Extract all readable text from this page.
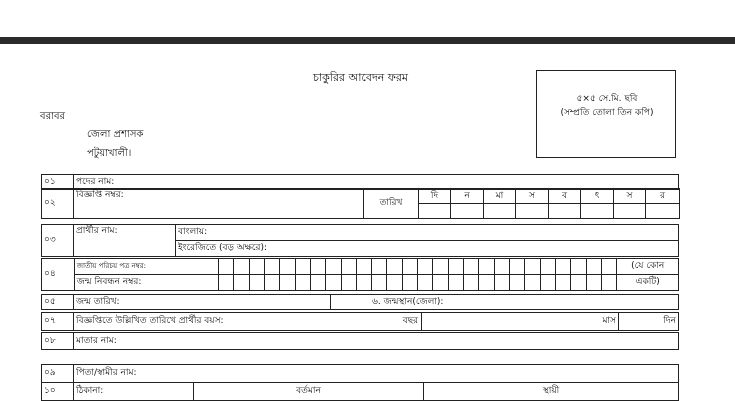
চাকুরির আবেদন ফরম
৫×৫ সে.মি. ছবি
(সম্প্রতি তোলা তিন কপি)
বরাবর
জেলা প্রশাসক
পটুয়াখালী।
০১	পদের নাম:
০২	বিজ্ঞপ্তি নম্বর:	তারিখ	দি	ন	মা	স	ব	ৎ	স	র

০৩	প্রার্থীর নাম:	বাংলায়:
ইংরেজিতে (বড় অক্ষরে):
০৪	জাতীয় পরিচয় পত্র নম্বর:																											(যে কোন
	জন্ম নিবন্ধন নম্বর:																											একটি)
০৫	জন্ম তারিখ:	৬. জন্মস্থান(জেলা):
০৭	বিজ্ঞপ্তিতে উল্লিখিত তারিখে প্রার্থীর বয়স:	বছর	মাস	দিন
০৮	মাতার নাম:

০৯	পিতা/স্বামীর নাম:
১০	ঠিকানা:	বর্তমান	স্থায়ী
